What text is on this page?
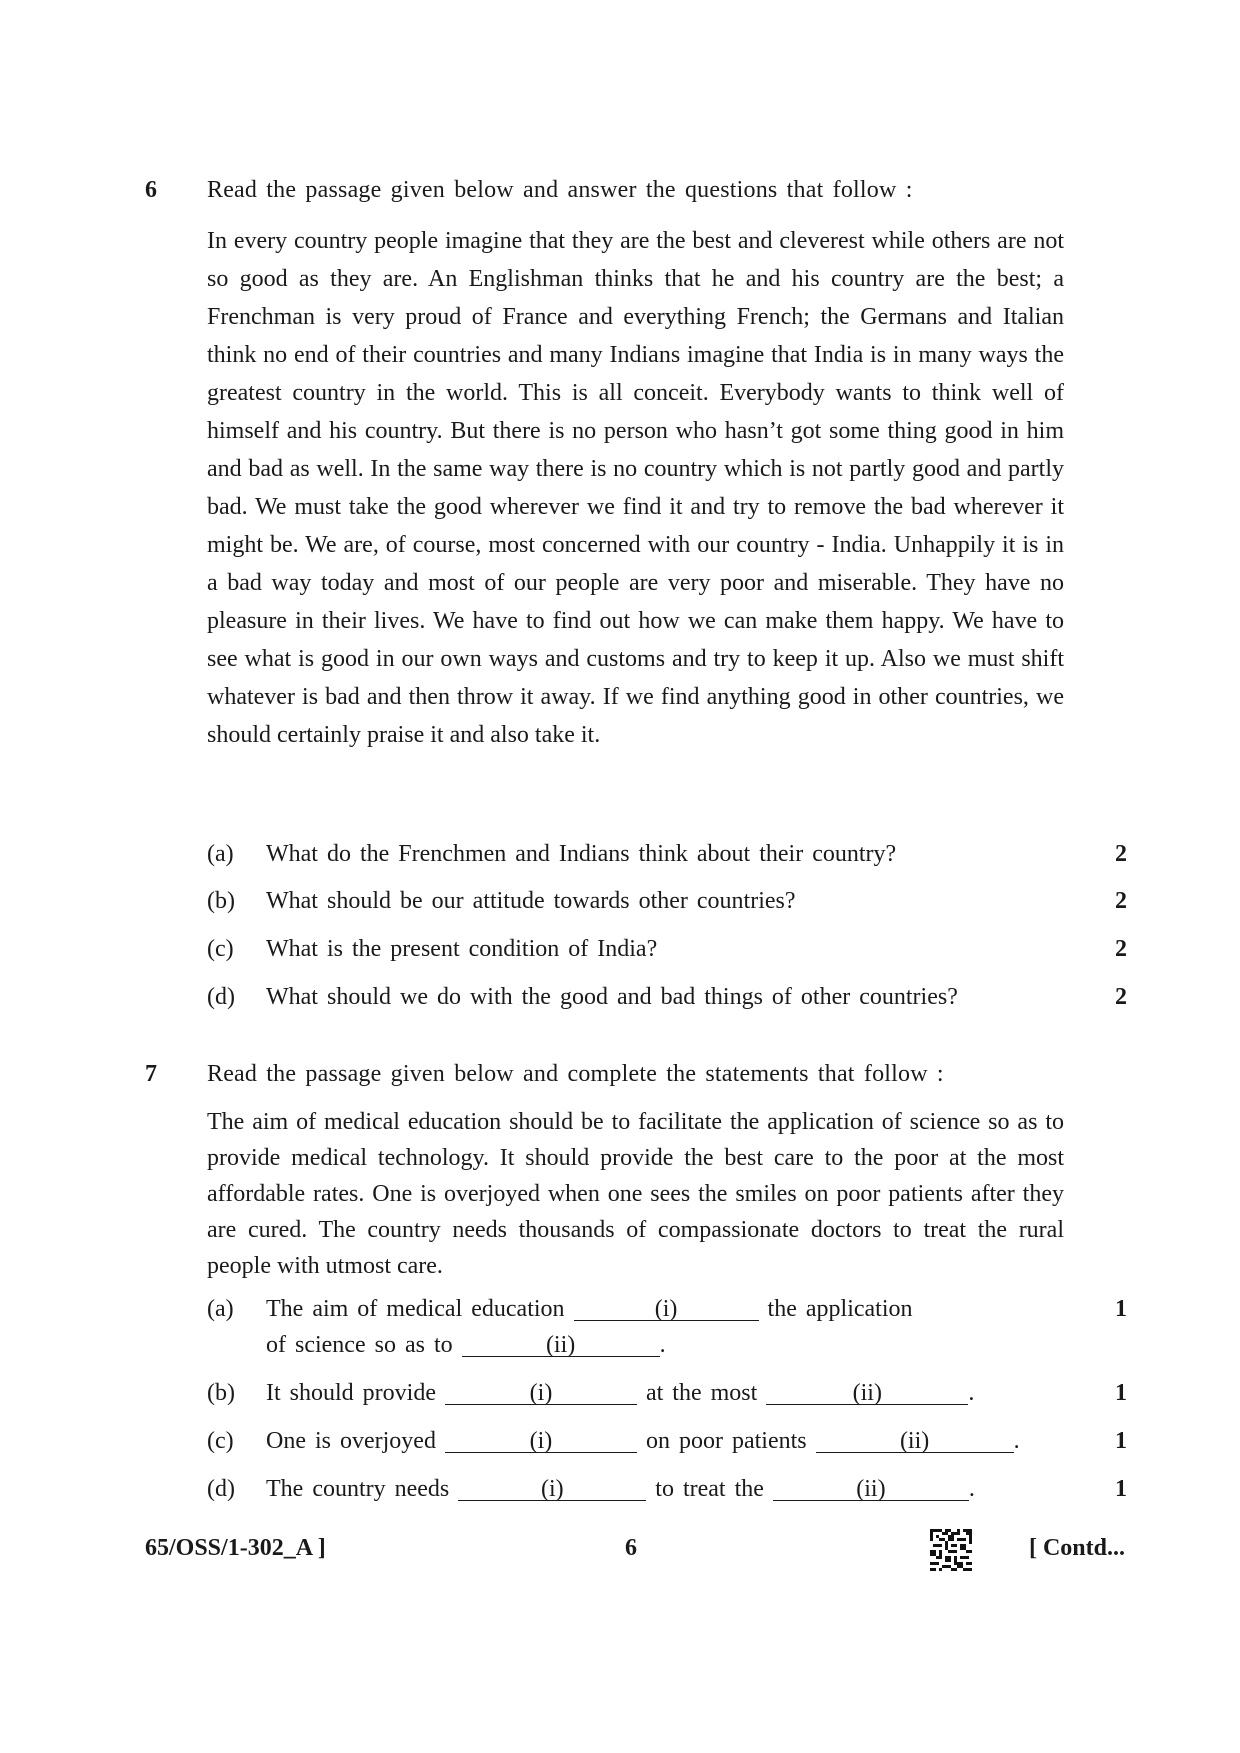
6 Read the passage given below and answer the questions that follow :

In every country people imagine that they are the best and cleverest while others are not so good as they are. An Englishman thinks that he and his country are the best; a Frenchman is very proud of France and everything French; the Germans and Italian think no end of their countries and many Indians imagine that India is in many ways the greatest country in the world. This is all conceit. Everybody wants to think well of himself and his country. But there is no person who hasn’t got some thing good in him and bad as well. In the same way there is no country which is not partly good and partly bad. We must take the good wherever we find it and try to remove the bad wherever it might be. We are, of course, most concerned with our country - India. Unhappily it is in a bad way today and most of our people are very poor and miserable. They have no pleasure in their lives. We have to find out how we can make them happy. We have to see what is good in our own ways and customs and try to keep it up. Also we must shift whatever is bad and then throw it away. If we find anything good in other countries, we should certainly praise it and also take it.

(a) What do the Frenchmen and Indians think about their country?	2
(b) What should be our attitude towards other countries?	2
(c) What is the present condition of India?	2
(d) What should we do with the good and bad things of other countries?	2
7 Read the passage given below and complete the statements that follow :

The aim of medical education should be to facilitate the application of science so as to provide medical technology. It should provide the best care to the poor at the most affordable rates. One is overjoyed when one sees the smiles on poor patients after they are cured. The country needs thousands of compassionate doctors to treat the rural people with utmost care.

(a) The aim of medical education	(i)	the application
of science so as to	(ii)	.
1
(b) It should provide	(i)	at the most	(ii)	.	1
(c) One is overjoyed	(i)	on poor patients	(ii)	.	1
(d) The country needs	(i)	to treat the	(ii)	.	1
65/OSS/1-302_A ]	6	[ Contd...
